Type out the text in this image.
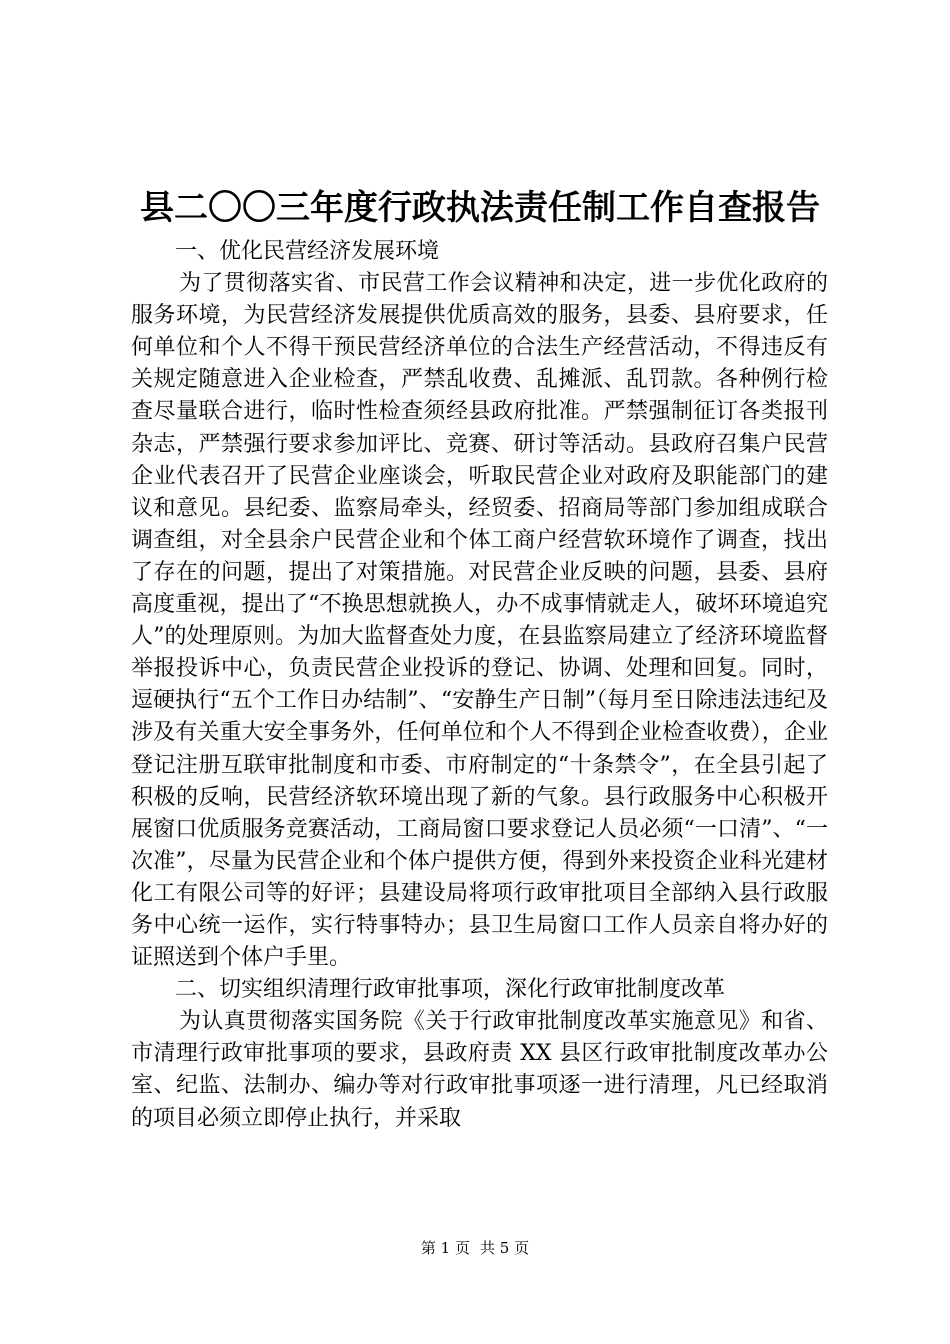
县二〇〇三年度行政执法责任制工作自查报告
一、优化民营经济发展环境

为了贯彻落实省、市民营工作会议精神和决定，进一步优化政府的服务环境，为民营经济发展提供优质高效的服务，县委、县府要求，任何单位和个人不得干预民营经济单位的合法生产经营活动，不得违反有关规定随意进入企业检查，严禁乱收费、乱摊派、乱罚款。各种例行检查尽量联合进行，临时性检查须经县政府批准。严禁强制征订各类报刊杂志，严禁强行要求参加评比、竞赛、研讨等活动。县政府召集户民营企业代表召开了民营企业座谈会，听取民营企业对政府及职能部门的建议和意见。县纪委、监察局牵头，经贸委、招商局等部门参加组成联合调查组，对全县余户民营企业和个体工商户经营软环境作了调查，找出了存在的问题，提出了对策措施。对民营企业反映的问题，县委、县府高度重视，提出了“不换思想就换人，办不成事情就走人，破坏环境追究人”的处理原则。为加大监督查处力度，在县监察局建立了经济环境监督举报投诉中心，负责民营企业投诉的登记、协调、处理和回复。同时，逗硬执行“五个工作日办结制”、“安静生产日制”（每月至日除违法违纪及涉及有关重大安全事务外，任何单位和个人不得到企业检查收费），企业登记注册互联审批制度和市委、市府制定的“十条禁令”，在全县引起了积极的反响，民营经济软环境出现了新的气象。县行政服务中心积极开展窗口优质服务竞赛活动，工商局窗口要求登记人员必须“一口清”、“一次准”，尽量为民营企业和个体户提供方便，得到外来投资企业科光建材化工有限公司等的好评；县建设局将项行政审批项目全部纳入县行政服务中心统一运作，实行特事特办；县卫生局窗口工作人员亲自将办好的证照送到个体户手里。

二、切实组织清理行政审批事项，深化行政审批制度改革

为认真贯彻落实国务院《关于行政审批制度改革实施意见》和省、市清理行政审批事项的要求，县政府责 XX 县区行政审批制度改革办公室、纪监、法制办、编办等对行政审批事项逐一进行清理，凡已经取消的项目必须立即停止执行，并采取

第 1 页 共 5 页
